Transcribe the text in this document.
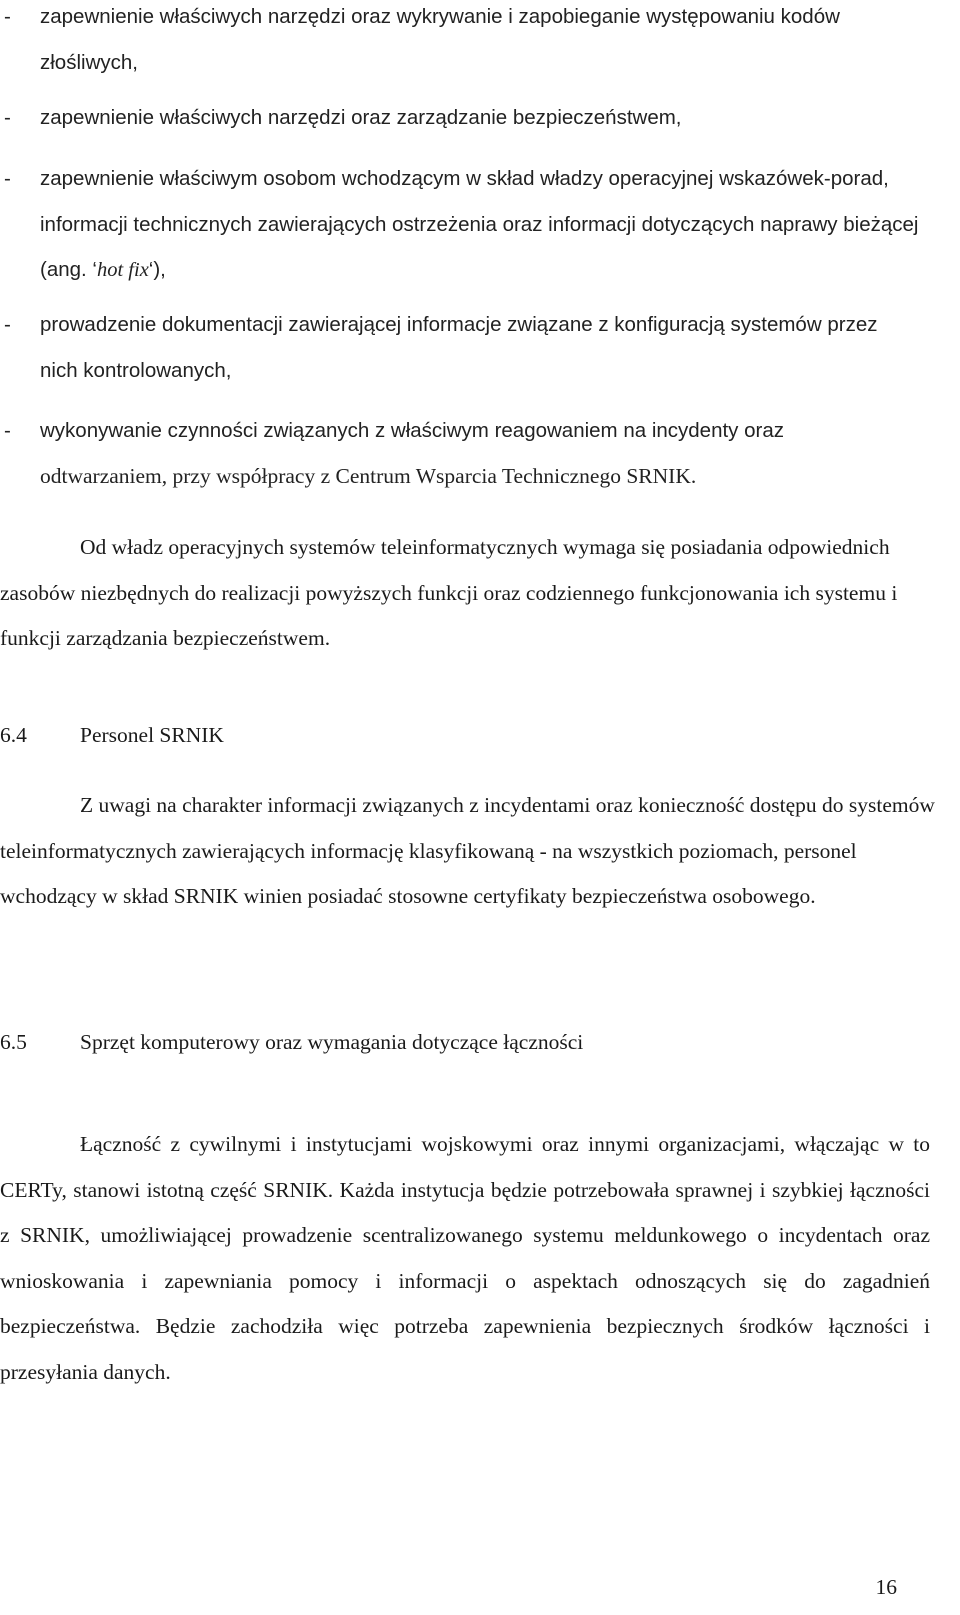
- zapewnienie właściwych narzędzi oraz wykrywanie i zapobieganie występowaniu kodów złośliwych,
- zapewnienie właściwych narzędzi oraz zarządzanie bezpieczeństwem,
- zapewnienie właściwym osobom wchodzącym w skład władzy operacyjnej wskazówek-porad, informacji technicznych zawierających ostrzeżenia oraz informacji dotyczących naprawy bieżącej (ang. ‘hot fix‘),
- prowadzenie dokumentacji zawierającej informacje związane z konfiguracją systemów przez nich kontrolowanych,
- wykonywanie czynności związanych z właściwym reagowaniem na incydenty oraz
odtwarzaniem, przy współpracy z Centrum Wsparcia Technicznego SRNIK.

Od władz operacyjnych systemów teleinformatycznych wymaga się posiadania odpowiednich zasobów niezbędnych do realizacji powyższych funkcji oraz codziennego funkcjonowania ich systemu i funkcji zarządzania bezpieczeństwem.

6.4 Personel SRNIK

Z uwagi na charakter informacji związanych z incydentami oraz konieczność dostępu do systemów teleinformatycznych zawierających informację klasyfikowaną - na wszystkich poziomach, personel wchodzący w skład SRNIK winien posiadać stosowne certyfikaty bezpieczeństwa osobowego.

6.5 Sprzęt komputerowy oraz wymagania dotyczące łączności

Łączność z cywilnymi i instytucjami wojskowymi oraz innymi organizacjami, włączając w to CERTy, stanowi istotną część SRNIK. Każda instytucja będzie potrzebowała sprawnej i szybkiej łączności z SRNIK, umożliwiającej prowadzenie scentralizowanego systemu meldunkowego o incydentach oraz wnioskowania i zapewniania pomocy i informacji o aspektach odnoszących się do zagadnień bezpieczeństwa. Będzie zachodziła więc potrzeba zapewnienia bezpiecznych środków łączności i przesyłania danych.

16
